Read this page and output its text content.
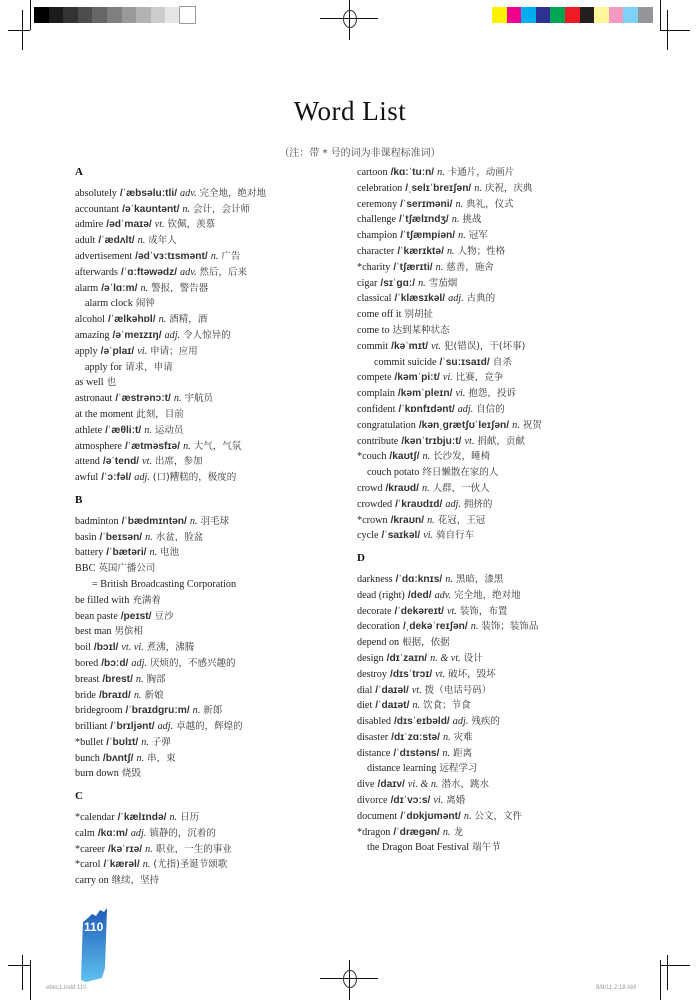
Word List
（注：带 * 号的词为非课程标准词）
A
absolutely /ˈæbsəluːtli/ adv. 完全地，绝对地
accountant /əˈkaʊntənt/ n. 会计，会计师
admire /ədˈmaɪə/ vt. 钦佩，羡慕
adult /ˈædʌlt/ n. 成年人
advertisement /ədˈvɜːtɪsmənt/ n. 广告
afterwards /ˈɑːftəwədz/ adv. 然后，后来
alarm /əˈlɑːm/ n. 警报，警告器
alarm clock 闹钟
alcohol /ˈælkəhɒl/ n. 酒精，酒
amazing /əˈmeɪzɪŋ/ adj. 令人惊异的
apply /əˈplaɪ/ vi. 申请；应用
apply for 请求，申请
as well 也
astronaut /ˈæstrənɔːt/ n. 宇航员
at the moment 此刻，目前
athlete /ˈæθliːt/ n. 运动员
atmosphere /ˈætməsfɪə/ n. 大气，气氛
attend /əˈtend/ vt. 出席，参加
awful /ˈɔːfəl/ adj. (口)糟糕的，极度的
B
badminton /ˈbædmɪntən/ n. 羽毛球
basin /ˈbeɪsən/ n. 水盆，脸盆
battery /ˈbætəri/ n. 电池
BBC 英国广播公司
= British Broadcasting Corporation
be filled with 充满着
bean paste /peɪst/ 豆沙
best man 男傧相
boil /bɔɪl/ vt. vi. 煮沸，沸腾
bored /bɔːd/ adj. 厌烦的，不感兴趣的
breast /brest/ n. 胸部
bride /braɪd/ n. 新娘
bridegroom /ˈbraɪdgruːm/ n. 新郎
brilliant /ˈbrɪljənt/ adj. 卓越的，辉煌的
*bullet /ˈbʊlɪt/ n. 子弹
bunch /bʌntʃ/ n. 串，束
burn down 烧毁
C
*calendar /ˈkælɪndə/ n. 日历
calm /kɑːm/ adj. 镇静的，沉着的
*career /kəˈrɪə/ n. 职业，一生的事业
*carol /ˈkærəl/ n. (尤指)圣诞节颂歌
carry on 继续，坚持
cartoon /kɑːˈtuːn/ n. 卡通片，动画片
celebration /ˌselɪˈbreɪʃən/ n. 庆祝，庆典
ceremony /ˈserɪməni/ n. 典礼，仪式
challenge /ˈtʃælɪndʒ/ n. 挑战
champion /ˈtʃæmpiən/ n. 冠军
character /ˈkærɪktə/ n. 人物；性格
*charity /ˈtʃærɪti/ n. 慈善，施舍
cigar /sɪˈgɑː/ n. 雪茄烟
classical /ˈklæsɪkəl/ adj. 古典的
come off it 别胡扯
come to 达到某种状态
commit /kəˈmɪt/ vt. 犯(错误)，干(坏事)
commit suicide /ˈsuːɪsaɪd/ 自杀
compete /kəmˈpiːt/ vi. 比赛，竞争
complain /kəmˈpleɪn/ vi. 抱怨，投诉
confident /ˈkɒnfɪdənt/ adj. 自信的
congratulation /kənˌgrætʃʊˈleɪʃən/ n. 祝贺
contribute /kənˈtrɪbjuːt/ vt. 捐献，贡献
*couch /kaʊtʃ/ n. 长沙发，睡椅
couch potato 终日懒散在家的人
crowd /kraʊd/ n. 人群，一伙人
crowded /ˈkraʊdɪd/ adj. 拥挤的
*crown /kraʊn/ n. 花冠，王冠
cycle /ˈsaɪkəl/ vi. 骑自行车
D
darkness /ˈdɑːknɪs/ n. 黑暗，漆黑
dead (right) /ded/ adv. 完全地，绝对地
decorate /ˈdekəreɪt/ vt. 装饰，布置
decoration /ˌdekəˈreɪʃən/ n. 装饰；装饰品
depend on 根据，依据
design /dɪˈzaɪn/ n. & vt. 设计
destroy /dɪsˈtrɔɪ/ vt. 破坏，毁坏
dial /ˈdaɪəl/ vt. 拨（电话号码）
diet /ˈdaɪət/ n. 饮食；节食
disabled /dɪsˈeɪbəld/ adj. 残疾的
disaster /dɪˈzɑːstə/ n. 灾难
distance /ˈdɪstəns/ n. 距离
distance learning 远程学习
dive /daɪv/ vi. & n. 潜水，跳水
divorce /dɪˈvɔːs/ vi. 离婚
document /ˈdɒkjʊmənt/ n. 公文，文件
*dragon /ˈdrægən/ n. 龙
the Dragon Boat Festival 端午节
110
ebec1.indd 110	8/8/11 2:18 AM
